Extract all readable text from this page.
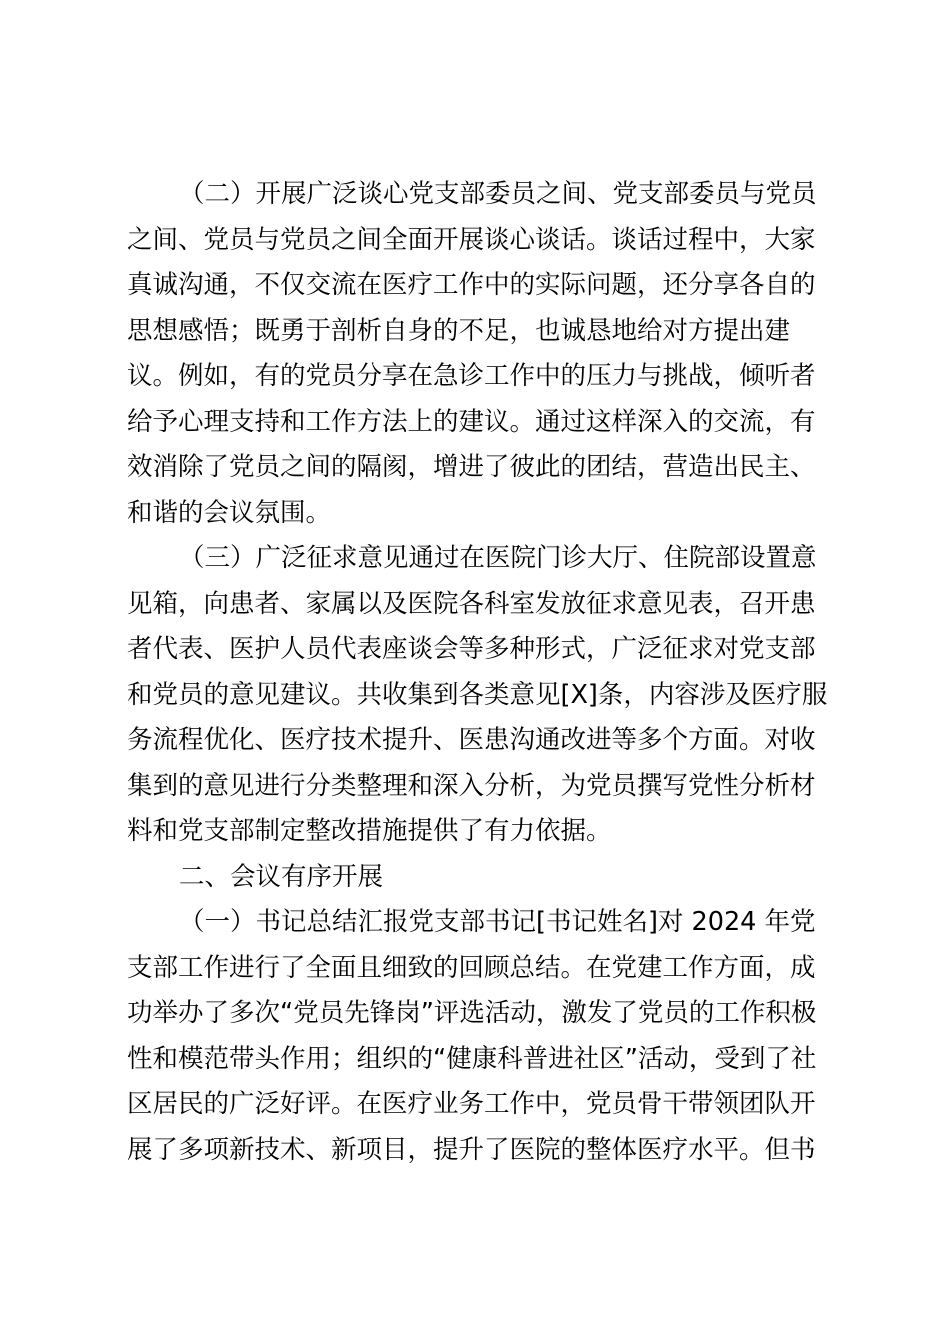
（二）开展广泛谈心党支部委员之间、党支部委员与党员
之间、党员与党员之间全面开展谈心谈话。谈话过程中，大家
真诚沟通，不仅交流在医疗工作中的实际问题，还分享各自的
思想感悟；既勇于剖析自身的不足，也诚恳地给对方提出建
议。例如，有的党员分享在急诊工作中的压力与挑战，倾听者
给予心理支持和工作方法上的建议。通过这样深入的交流，有
效消除了党员之间的隔阂，增进了彼此的团结，营造出民主、
和谐的会议氛围。
（三）广泛征求意见通过在医院门诊大厅、住院部设置意
见箱，向患者、家属以及医院各科室发放征求意见表，召开患
者代表、医护人员代表座谈会等多种形式，广泛征求对党支部
和党员的意见建议。共收集到各类意见[X]条，内容涉及医疗服
务流程优化、医疗技术提升、医患沟通改进等多个方面。对收
集到的意见进行分类整理和深入分析，为党员撰写党性分析材
料和党支部制定整改措施提供了有力依据。
二、会议有序开展
（一）书记总结汇报党支部书记[书记姓名]对 2024 年党
支部工作进行了全面且细致的回顾总结。在党建工作方面，成
功举办了多次“党员先锋岗”评选活动，激发了党员的工作积极
性和模范带头作用；组织的“健康科普进社区”活动，受到了社
区居民的广泛好评。在医疗业务工作中，党员骨干带领团队开
展了多项新技术、新项目，提升了医院的整体医疗水平。但书
